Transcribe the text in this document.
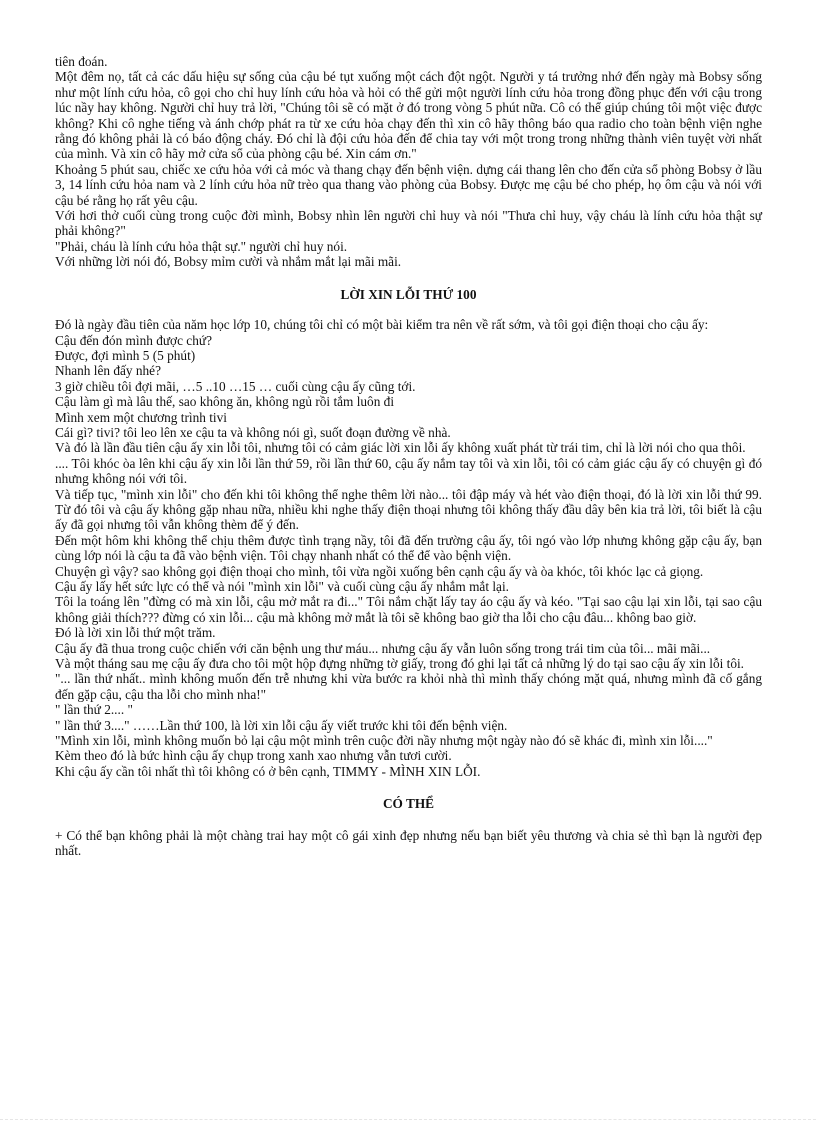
tiên đoán.

Một đêm nọ, tất cả các dấu hiệu sự sống của cậu bé tụt xuống một cách đột ngột. Người y tá trưởng nhớ đến ngày mà Bobsy sống như một lính cứu hỏa, cô gọi cho chỉ huy lính cứu hỏa và hỏi có thể gửi một người lính cứu hỏa trong đồng phục đến với cậu trong lúc nầy hay không. Người chỉ huy trả lời, "Chúng tôi sẽ có mặt ở đó trong vòng 5 phút nữa. Cô có thể giúp chúng tôi một việc được không? Khi cô nghe tiếng và ánh chớp phát ra từ xe cứu hỏa chạy đến thì xin cô hãy thông báo qua radio cho toàn bệnh viện nghe rằng đó không phải là có báo động cháy. Đó chỉ là đội cứu hỏa đến để chia tay với một trong trong những thành viên tuyệt vời nhất của mình. Và xin cô hãy mở cửa sổ của phòng cậu bé. Xin cám ơn."

Khoảng 5 phút sau, chiếc xe cứu hỏa với cả móc và thang chạy đến bệnh viện. dựng cái thang lên cho đến cửa sổ phòng Bobsy ở lầu 3, 14 lính cứu hỏa nam và 2 lính cứu hỏa nữ trèo qua thang vào phòng của Bobsy. Được mẹ cậu bé cho phép, họ ôm cậu và nói với cậu bé rằng họ rất yêu cậu.

Với hơi thở cuối cùng trong cuộc đời mình, Bobsy nhìn lên người chỉ huy và nói "Thưa chỉ huy, vậy cháu là lính cứu hỏa thật sự phải không?"

"Phải, cháu là lính cứu hỏa thật sự." người chỉ huy nói.

Với những lời nói đó, Bobsy mỉm cười và nhắm mắt lại mãi mãi.

LỜI XIN LỖI THỨ 100

Đó là ngày đầu tiên của năm học lớp 10, chúng tôi chỉ có một bài kiểm tra nên về rất sớm, và tôi gọi điện thoại cho cậu ấy:

Cậu đến đón mình được chứ?

Được, đợi mình 5 (5 phút)

Nhanh lên đấy nhé?

3 giờ chiều tôi đợi mãi, …5 ..10 …15 … cuối cùng cậu ấy cũng tới.

Cậu làm gì mà lâu thế, sao không ăn, không ngủ rồi tắm luôn đi

Mình xem một chương trình tivi

Cái gì? tivi? tôi leo lên xe cậu ta và không nói gì, suốt đoạn đường về nhà.

Và đó là lần đầu tiên cậu ấy xin lỗi tôi, nhưng tôi có cảm giác lời xin lỗi ấy không xuất phát từ trái tim, chỉ là lời nói cho qua thôi.

.... Tôi khóc òa lên khi cậu ấy xin lỗi lần thứ 59, rồi lần thứ 60, cậu ấy nắm tay tôi và xin lỗi, tôi có cảm giác cậu ấy có chuyện gì đó nhưng không nói với tôi.

Và tiếp tục, "mình xin lỗi" cho đến khi tôi không thể nghe thêm lời nào... tôi đập máy và hét vào điện thoại, đó là lời xin lỗi thứ 99. Từ đó tôi và cậu ấy không gặp nhau nữa, nhiều khi nghe thấy điện thoại nhưng tôi không thấy đầu dây bên kia trả lời, tôi biết là cậu ấy đã gọi nhưng tôi vẫn không thèm để ý đến.

Đến một hôm khi không thể chịu thêm được tình trạng nầy, tôi đã đến trường cậu ấy, tôi ngó vào lớp nhưng không gặp cậu ấy, bạn cùng lớp nói là cậu ta đã vào bệnh viện. Tôi chạy nhanh nhất có thể để vào bệnh viện.

Chuyện gì vậy? sao không gọi điện thoại cho mình, tôi vừa ngồi xuống bên cạnh cậu ấy và òa khóc, tôi khóc lạc cả giọng.

Cậu ấy lấy hết sức lực có thể và nói "mình xin lỗi" và cuối cùng cậu ấy nhắm mắt lại.

Tôi la toáng lên "đừng có mà xin lỗi, cậu mở mắt ra đi..." Tôi nắm chặt lấy tay áo cậu ấy và kéo. "Tại sao cậu lại xin lỗi, tại sao cậu không giải thích??? đừng có xin lỗi... cậu mà không mở mắt là tôi sẽ không bao giờ tha lỗi cho cậu đâu... không bao giờ.

Đó là lời xin lỗi thứ một trăm.

Cậu ấy đã thua trong cuộc chiến với căn bệnh ung thư máu... nhưng cậu ấy vẫn luôn sống trong trái tim của tôi... mãi mãi...

Và một tháng sau mẹ cậu ấy đưa cho tôi một hộp đựng những tờ giấy, trong đó ghi lại tất cả những lý do tại sao cậu ấy xin lỗi tôi.

"... lần thứ nhất.. mình không muốn đến trễ nhưng khi vừa bước ra khỏi nhà thì mình thấy chóng mặt quá, nhưng mình đã cố gắng đến gặp cậu, cậu tha lỗi cho mình nha!"

" lần thứ 2.... "

" lần thứ 3...." ……Lần thứ 100, là lời xin lỗi cậu ấy viết trước khi tôi đến bệnh viện.

"Mình xin lỗi, mình không muốn bỏ lại cậu một mình trên cuộc đời nầy nhưng một ngày nào đó sẽ khác đi, mình xin lỗi...."

Kèm theo đó là bức hình cậu ấy chụp trong xanh xao nhưng vẫn tươi cười.

Khi cậu ấy cần tôi nhất thì tôi không có ở bên cạnh, TIMMY - MÌNH XIN LỖI.

CÓ THỂ

+ Có thể bạn không phải là một chàng trai hay một cô gái xinh đẹp nhưng nếu bạn biết yêu thương và chia sẻ thì bạn là người đẹp nhất.
